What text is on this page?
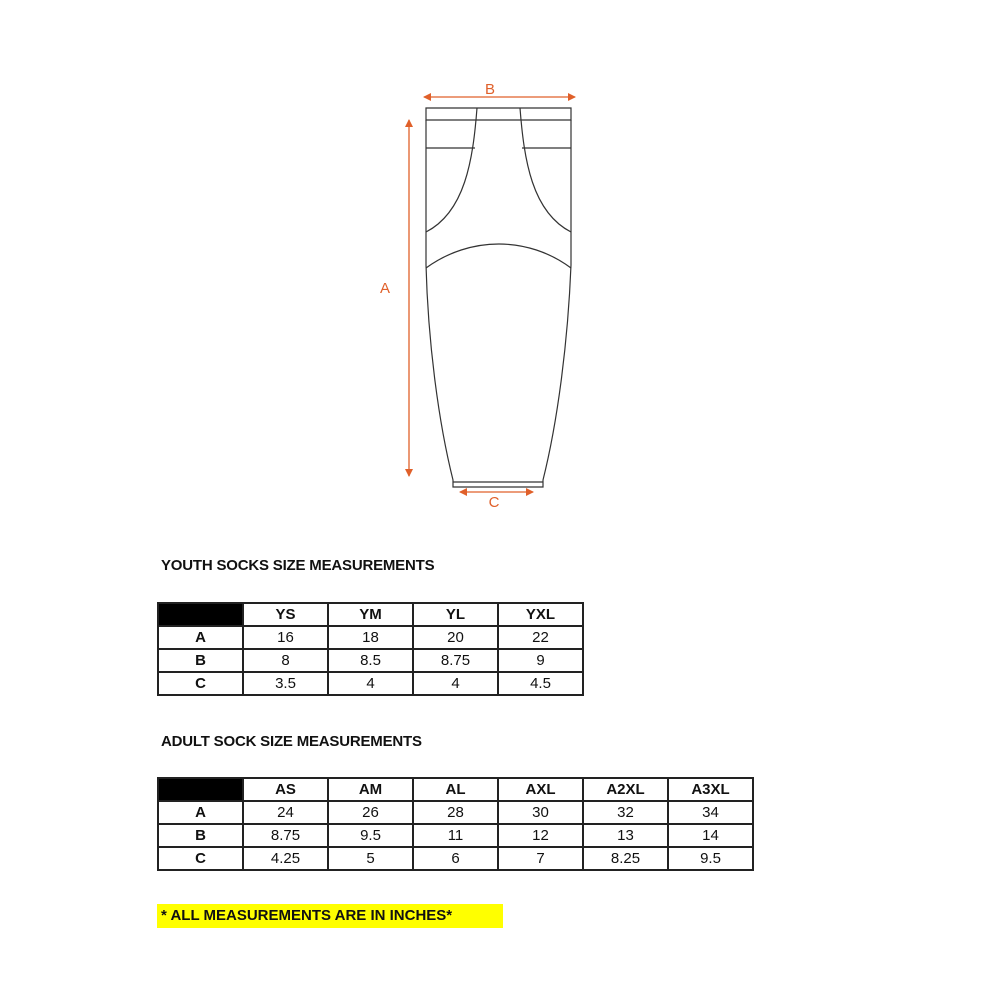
B
A
C
YOUTH SOCKS SIZE MEASUREMENTS
	YS	YM	YL	YXL
A	16	18	20	22
B	8	8.5	8.75	9
C	3.5	4	4	4.5
ADULT SOCK SIZE MEASUREMENTS
	AS	AM	AL	AXL	A2XL	A3XL
A	24	26	28	30	32	34
B	8.75	9.5	11	12	13	14
C	4.25	5	6	7	8.25	9.5
* ALL MEASUREMENTS ARE IN INCHES*
